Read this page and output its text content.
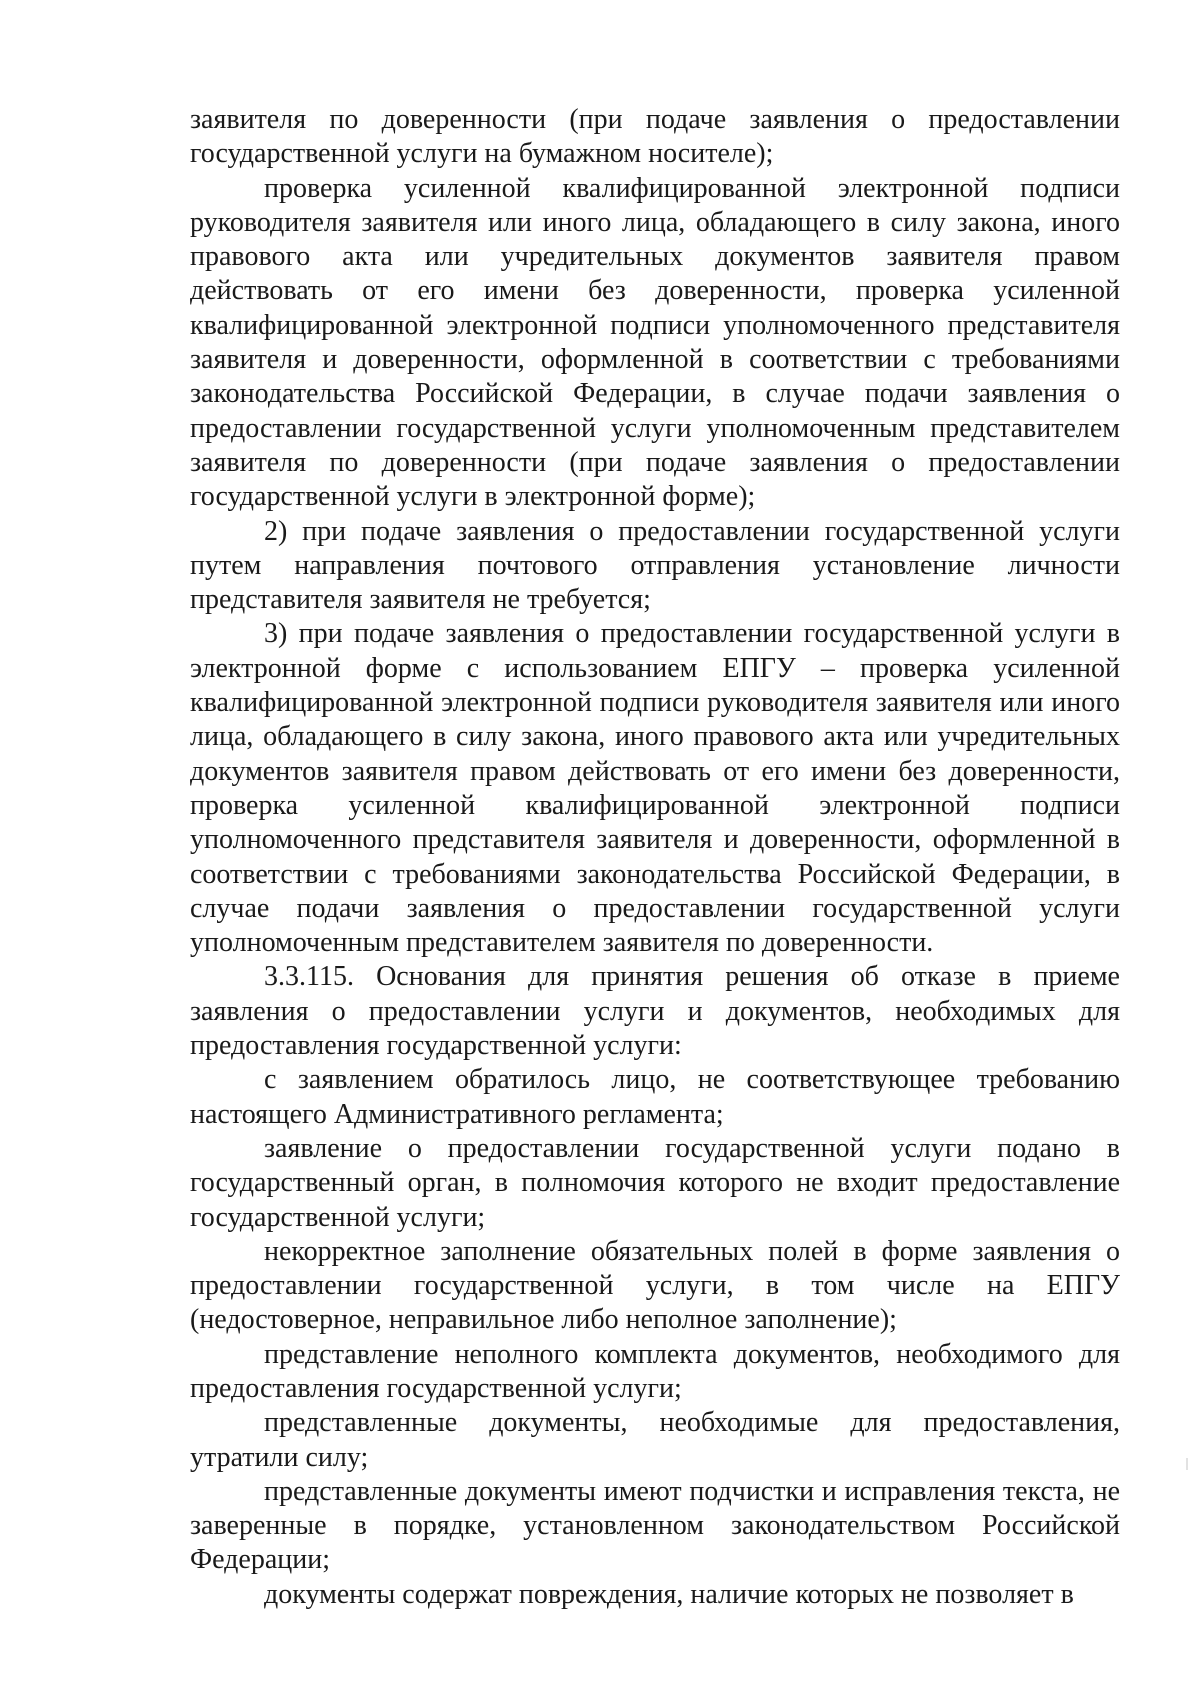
заявителя по доверенности (при подаче заявления о предоставлении государственной услуги на бумажном носителе);

проверка усиленной квалифицированной электронной подписи руководителя заявителя или иного лица, обладающего в силу закона, иного правового акта или учредительных документов заявителя правом действовать от его имени без доверенности, проверка усиленной квалифицированной электронной подписи уполномоченного представителя заявителя и доверенности, оформленной в соответствии с требованиями законодательства Российской Федерации, в случае подачи заявления о предоставлении государственной услуги уполномоченным представителем заявителя по доверенности (при подаче заявления о предоставлении государственной услуги в электронной форме);

2) при подаче заявления о предоставлении государственной услуги путем направления почтового отправления установление личности представителя заявителя не требуется;

3) при подаче заявления о предоставлении государственной услуги в электронной форме с использованием ЕПГУ – проверка усиленной квалифицированной электронной подписи руководителя заявителя или иного лица, обладающего в силу закона, иного правового акта или учредительных документов заявителя правом действовать от его имени без доверенности, проверка усиленной квалифицированной электронной подписи уполномоченного представителя заявителя и доверенности, оформленной в соответствии с требованиями законодательства Российской Федерации, в случае подачи заявления о предоставлении государственной услуги уполномоченным представителем заявителя по доверенности.

3.3.115. Основания для принятия решения об отказе в приеме заявления о предоставлении услуги и документов, необходимых для предоставления государственной услуги:

с заявлением обратилось лицо, не соответствующее требованию настоящего Административного регламента;

заявление о предоставлении государственной услуги подано в государственный орган, в полномочия которого не входит предоставление государственной услуги;

некорректное заполнение обязательных полей в форме заявления о предоставлении государственной услуги, в том числе на ЕПГУ (недостоверное, неправильное либо неполное заполнение);

представление неполного комплекта документов, необходимого для предоставления государственной услуги;

представленные документы, необходимые для предоставления, утратили силу;

представленные документы имеют подчистки и исправления текста, не заверенные в порядке, установленном законодательством Российской Федерации;

документы содержат повреждения, наличие которых не позволяет в
